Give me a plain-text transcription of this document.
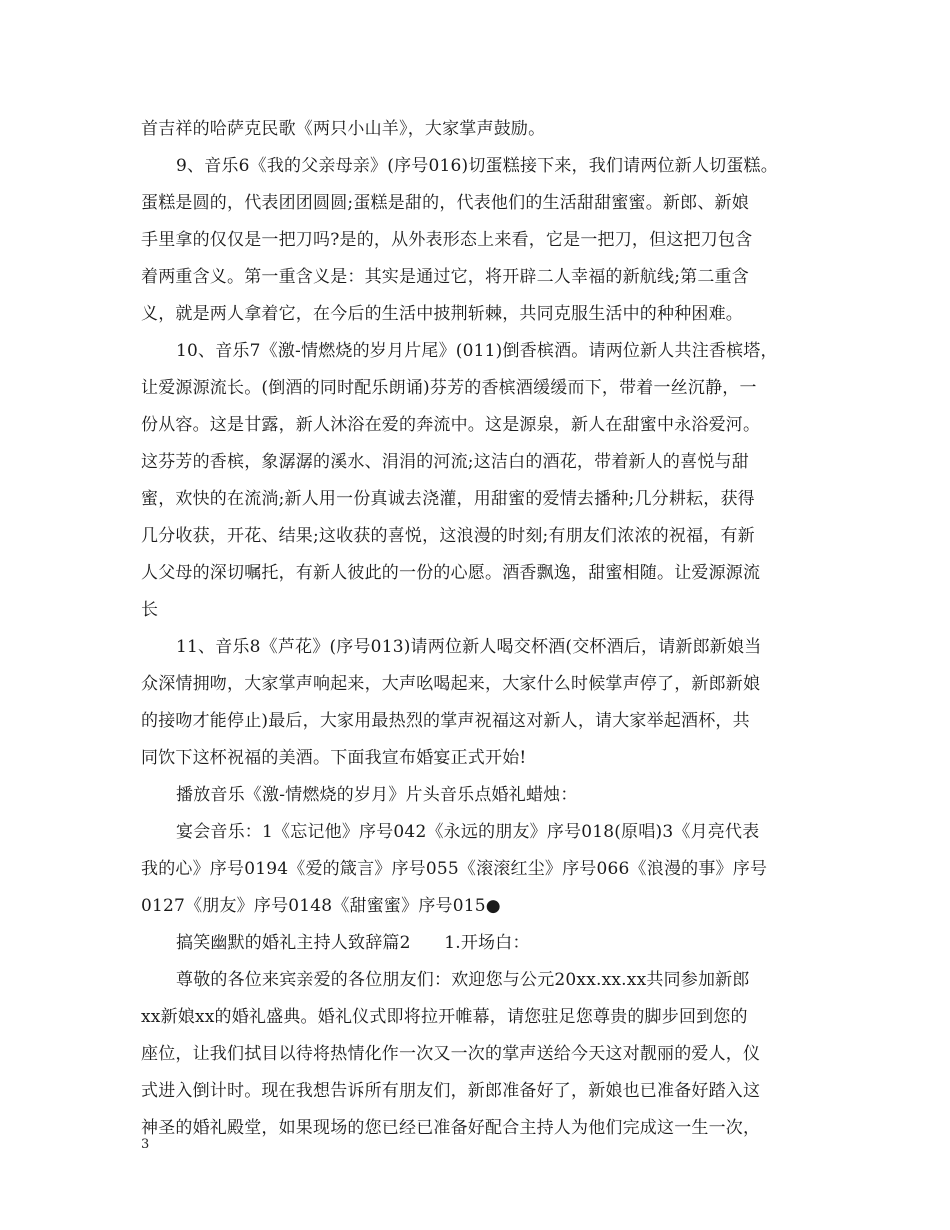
首吉祥的哈萨克民歌《两只小山羊》，大家掌声鼓励。
9、音乐6《我的父亲母亲》(序号016)切蛋糕接下来，我们请两位新人切蛋糕。
蛋糕是圆的，代表团团圆圆;蛋糕是甜的，代表他们的生活甜甜蜜蜜。新郎、新娘
手里拿的仅仅是一把刀吗?是的，从外表形态上来看，它是一把刀，但这把刀包含
着两重含义。第一重含义是：其实是通过它，将开辟二人幸福的新航线;第二重含
义，就是两人拿着它，在今后的生活中披荆斩棘，共同克服生活中的种种困难。
10、音乐7《激-情燃烧的岁月片尾》(011)倒香槟酒。请两位新人共注香槟塔，
让爱源源流长。(倒酒的同时配乐朗诵)芬芳的香槟酒缓缓而下，带着一丝沉静，一
份从容。这是甘露，新人沐浴在爱的奔流中。这是源泉，新人在甜蜜中永浴爱河。
这芬芳的香槟，象潺潺的溪水、涓涓的河流;这洁白的酒花，带着新人的喜悦与甜
蜜，欢快的在流淌;新人用一份真诚去浇灌，用甜蜜的爱情去播种;几分耕耘，获得
几分收获，开花、结果;这收获的喜悦，这浪漫的时刻;有朋友们浓浓的祝福，有新
人父母的深切嘱托，有新人彼此的一份的心愿。酒香飘逸，甜蜜相随。让爱源源流
长
11、音乐8《芦花》(序号013)请两位新人喝交杯酒(交杯酒后，请新郎新娘当
众深情拥吻，大家掌声响起来，大声吆喝起来，大家什么时候掌声停了，新郎新娘
的接吻才能停止)最后，大家用最热烈的掌声祝福这对新人，请大家举起酒杯，共
同饮下这杯祝福的美酒。下面我宣布婚宴正式开始!
播放音乐《激-情燃烧的岁月》片头音乐点婚礼蜡烛：
宴会音乐：1《忘记他》序号042《永远的朋友》序号018(原唱)3《月亮代表
我的心》序号0194《爱的箴言》序号055《滚滚红尘》序号066《浪漫的事》序号
0127《朋友》序号0148《甜蜜蜜》序号015●
搞笑幽默的婚礼主持人致辞篇2      1.开场白：
尊敬的各位来宾亲爱的各位朋友们：欢迎您与公元20xx.xx.xx共同参加新郎
xx新娘xx的婚礼盛典。婚礼仪式即将拉开帷幕，请您驻足您尊贵的脚步回到您的
座位，让我们拭目以待将热情化作一次又一次的掌声送给今天这对靓丽的爱人，仪
式进入倒计时。现在我想告诉所有朋友们，新郎准备好了，新娘也已准备好踏入这
神圣的婚礼殿堂，如果现场的您已经已准备好配合主持人为他们完成这一生一次，
3
